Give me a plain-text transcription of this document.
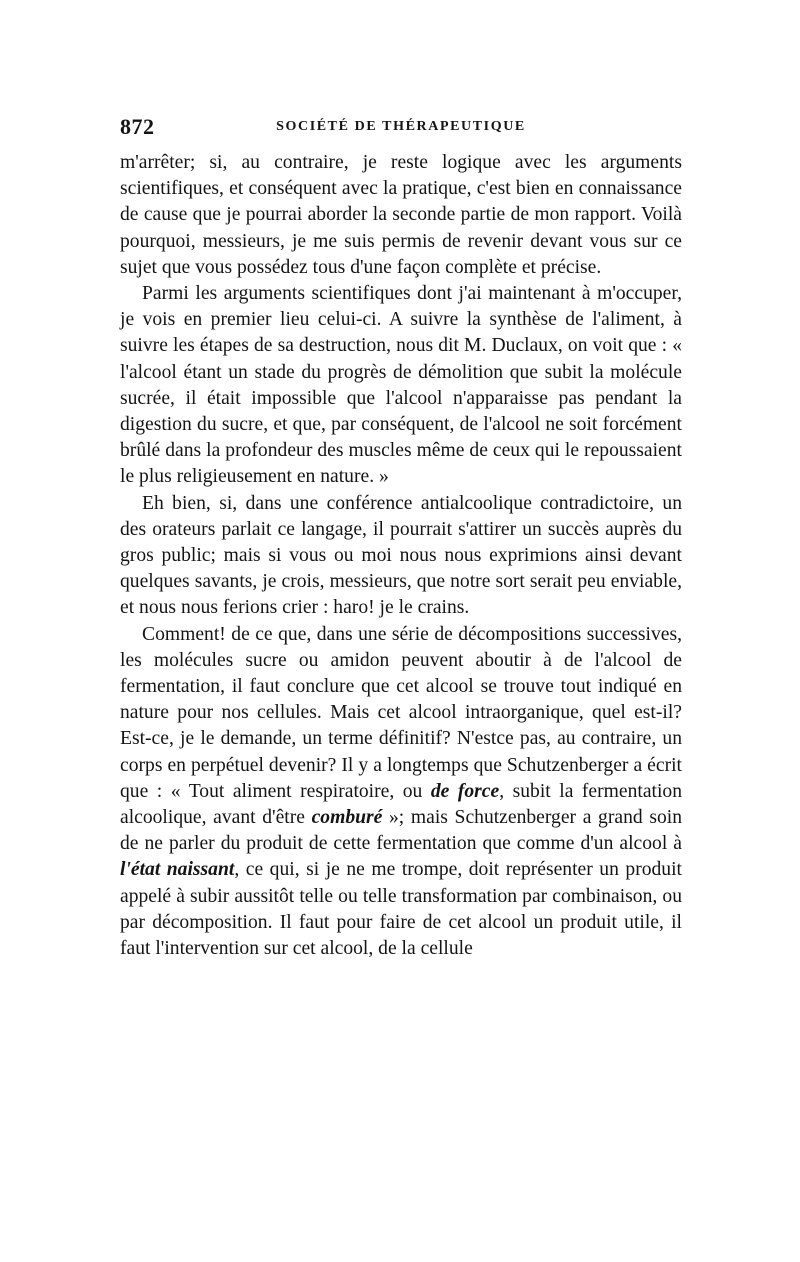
872	SOCIÉTÉ DE THÉRAPEUTIQUE

m'arrêter; si, au contraire, je reste logique avec les arguments scientifiques, et conséquent avec la pratique, c'est bien en connaissance de cause que je pourrai aborder la seconde partie de mon rapport. Voilà pourquoi, messieurs, je me suis permis de revenir devant vous sur ce sujet que vous possédez tous d'une façon complète et précise.

Parmi les arguments scientifiques dont j'ai maintenant à m'occuper, je vois en premier lieu celui-ci. A suivre la synthèse de l'aliment, à suivre les étapes de sa destruction, nous dit M. Duclaux, on voit que : « l'alcool étant un stade du progrès de démolition que subit la molécule sucrée, il était impossible que l'alcool n'apparaisse pas pendant la digestion du sucre, et que, par conséquent, de l'alcool ne soit forcément brûlé dans la profondeur des muscles même de ceux qui le repoussaient le plus religieusement en nature. »

Eh bien, si, dans une conférence antialcoolique contradictoire, un des orateurs parlait ce langage, il pourrait s'attirer un succès auprès du gros public; mais si vous ou moi nous nous exprimions ainsi devant quelques savants, je crois, messieurs, que notre sort serait peu enviable, et nous nous ferions crier : haro! je le crains.

Comment! de ce que, dans une série de décompositions successives, les molécules sucre ou amidon peuvent aboutir à de l'alcool de fermentation, il faut conclure que cet alcool se trouve tout indiqué en nature pour nos cellules. Mais cet alcool intraorganique, quel est-il? Est-ce, je le demande, un terme définitif? N'estce pas, au contraire, un corps en perpétuel devenir? Il y a longtemps que Schutzenberger a écrit que : « Tout aliment respiratoire, ou de force, subit la fermentation alcoolique, avant d'être comburé »; mais Schutzenberger a grand soin de ne parler du produit de cette fermentation que comme d'un alcool à l'état naissant, ce qui, si je ne me trompe, doit représenter un produit appelé à subir aussitôt telle ou telle transformation par combinaison, ou par décomposition. Il faut pour faire de cet alcool un produit utile, il faut l'intervention sur cet alcool, de la cellule
